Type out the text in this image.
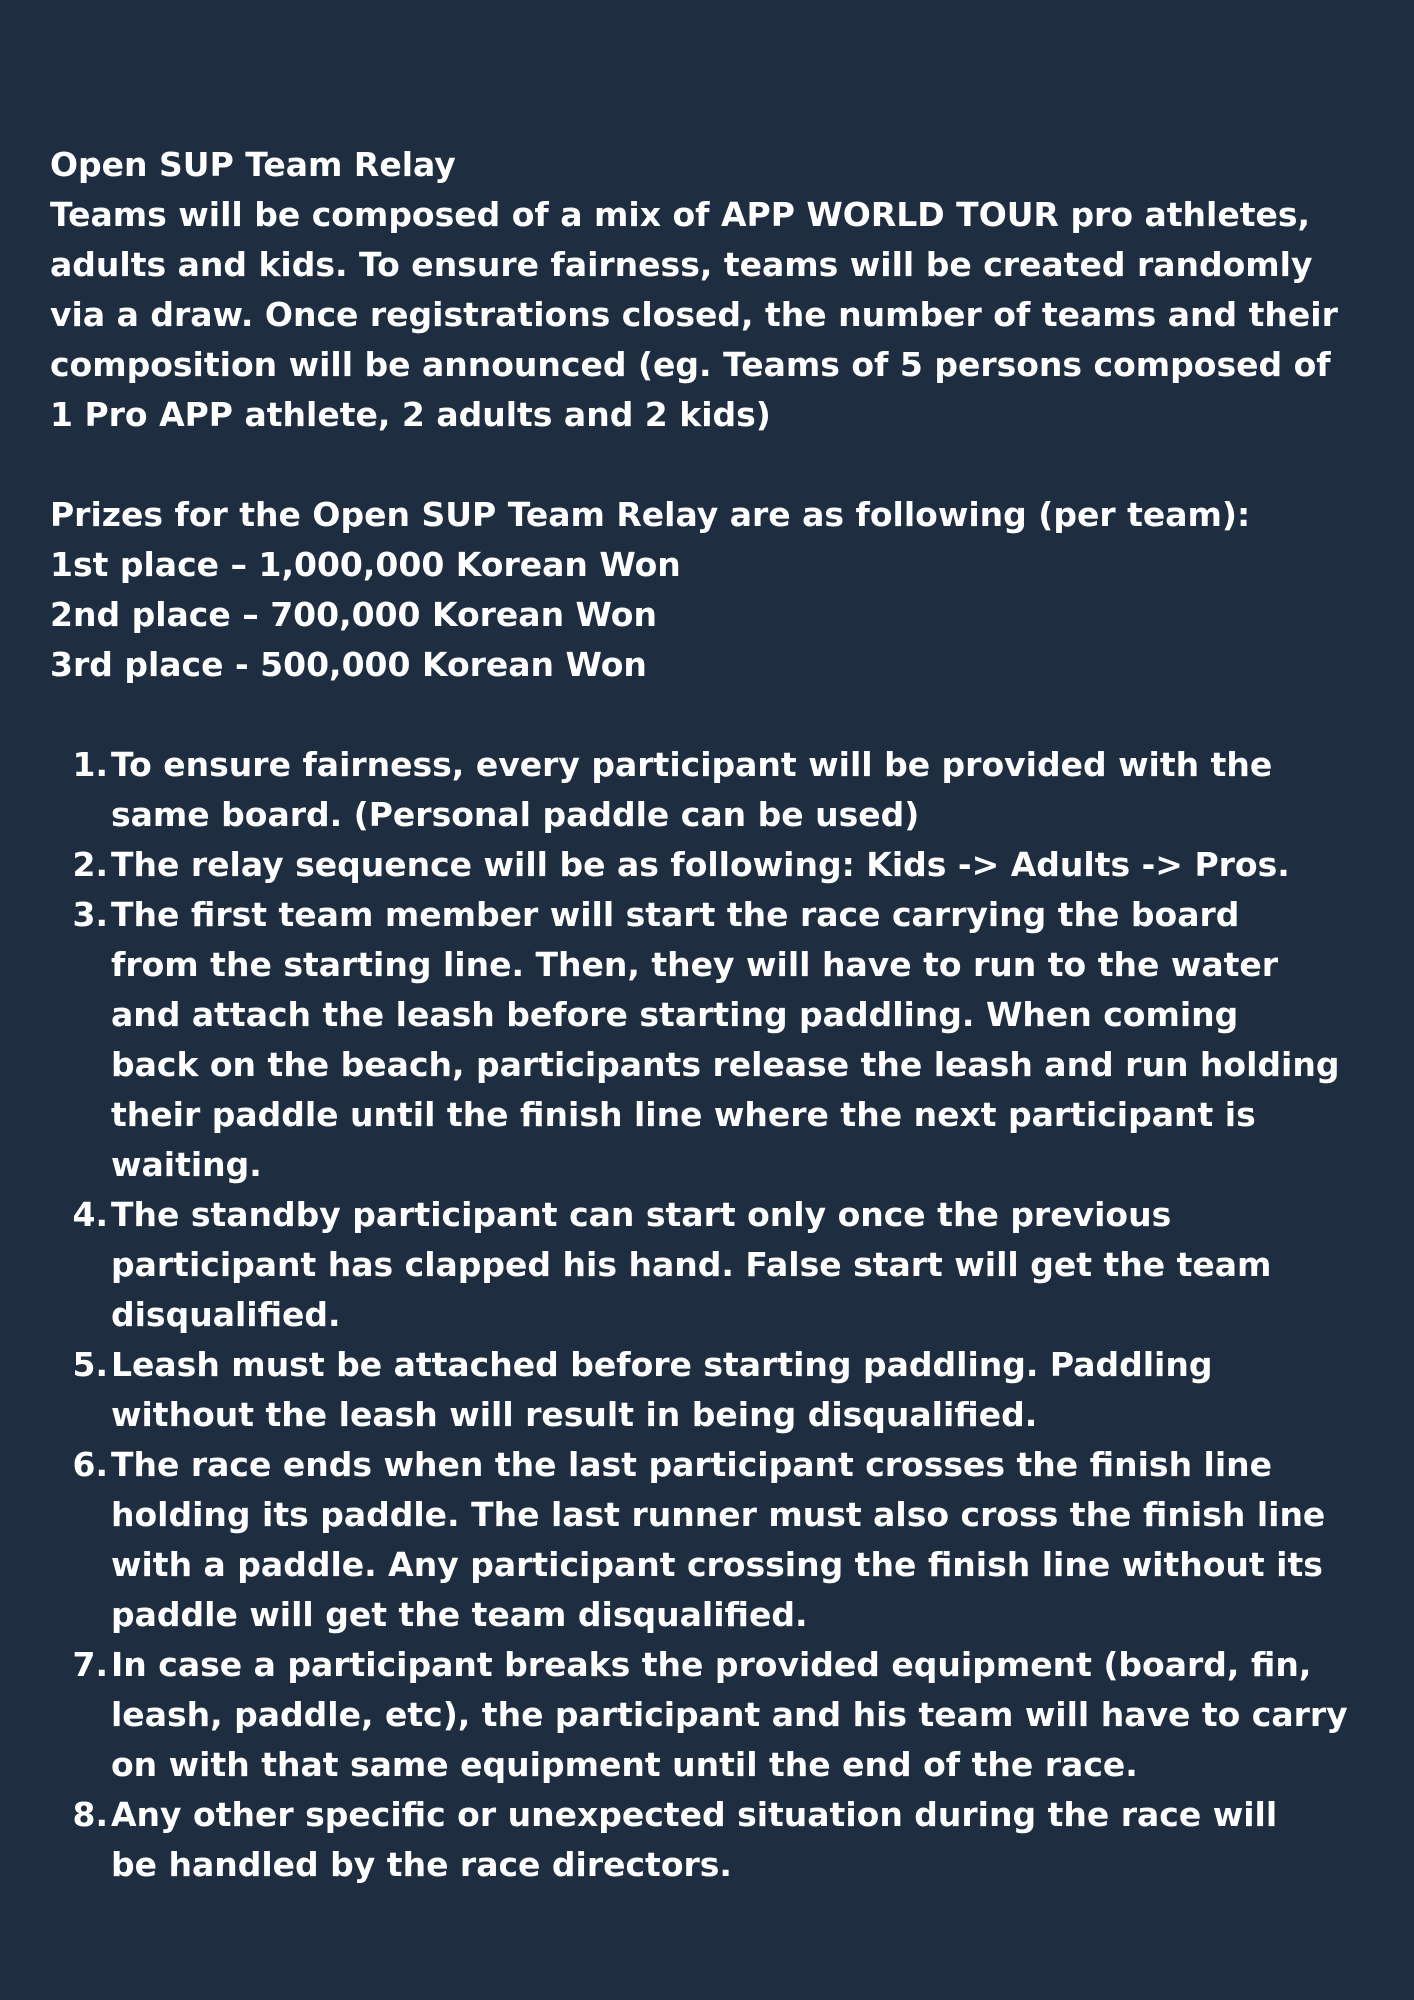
Open SUP Team Relay
Teams will be composed of a mix of APP WORLD TOUR pro athletes,
adults and kids. To ensure fairness, teams will be created randomly
via a draw. Once registrations closed, the number of teams and their
composition will be announced (eg. Teams of 5 persons composed of
1 Pro APP athlete, 2 adults and 2 kids)
Prizes for the Open SUP Team Relay are as following (per team):
1st place – 1,000,000 Korean Won
2nd place – 700,000 Korean Won
3rd place - 500,000 Korean Won
1. To ensure fairness, every participant will be provided with the
same board. (Personal paddle can be used)
2. The relay sequence will be as following: Kids -> Adults -> Pros.
3. The first team member will start the race carrying the board
from the starting line. Then, they will have to run to the water
and attach the leash before starting paddling. When coming
back on the beach, participants release the leash and run holding
their paddle until the finish line where the next participant is
waiting.
4. The standby participant can start only once the previous
participant has clapped his hand. False start will get the team
disqualified.
5. Leash must be attached before starting paddling. Paddling
without the leash will result in being disqualified.
6. The race ends when the last participant crosses the finish line
holding its paddle. The last runner must also cross the finish line
with a paddle. Any participant crossing the finish line without its
paddle will get the team disqualified.
7. In case a participant breaks the provided equipment (board, fin,
leash, paddle, etc), the participant and his team will have to carry
on with that same equipment until the end of the race.
8. Any other specific or unexpected situation during the race will
be handled by the race directors.
